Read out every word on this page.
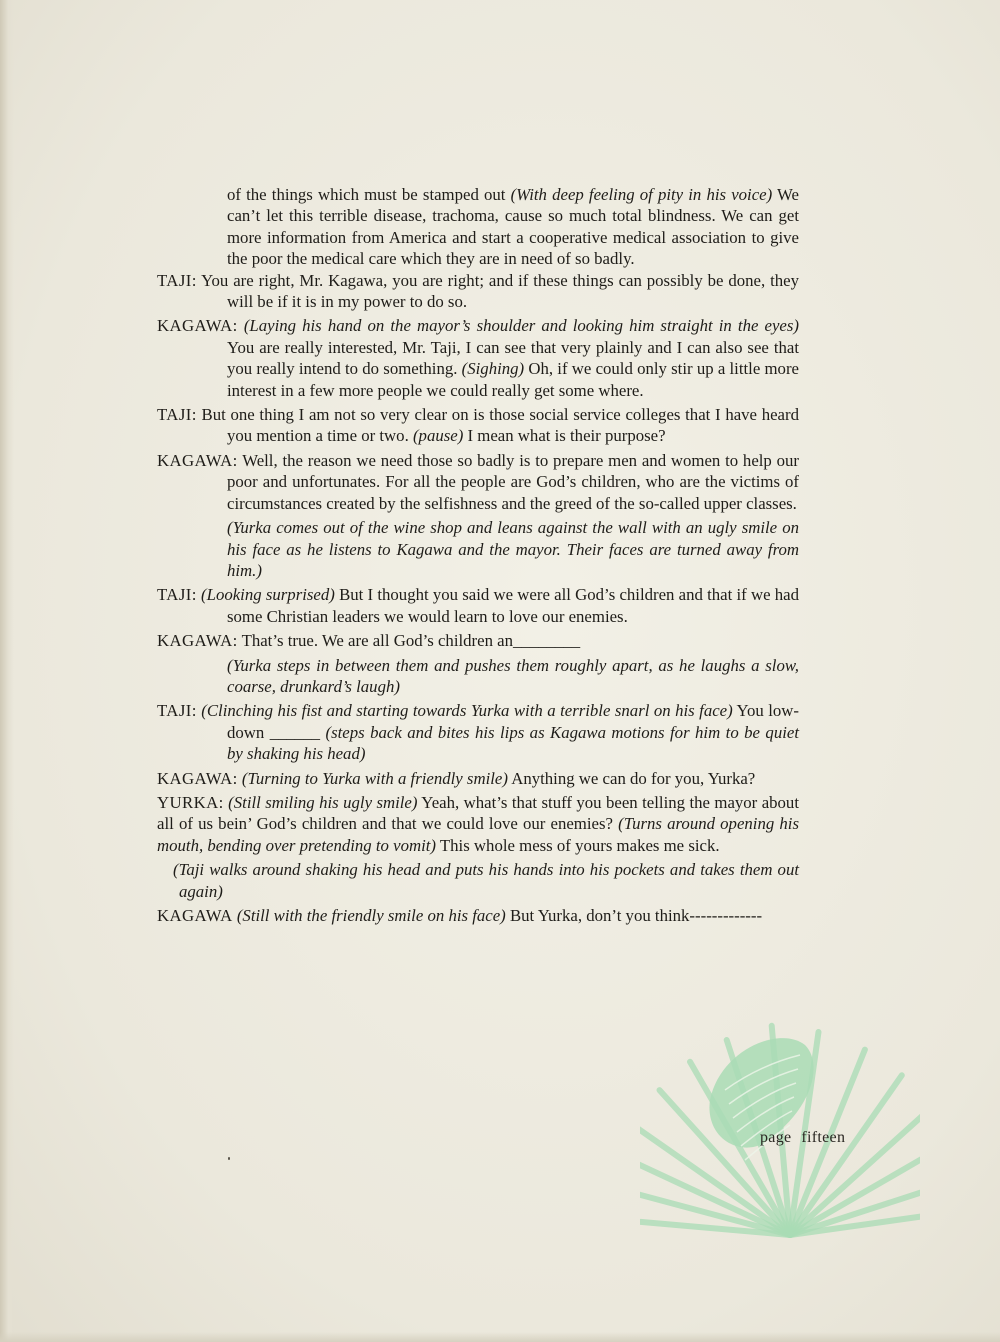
of the things which must be stamped out (With deep feeling of pity in his voice) We can’t let this terrible disease, trachoma, cause so much total blindness. We can get more information from America and start a cooperative medical association to give the poor the medical care which they are in need of so badly.

TAJI: You are right, Mr. Kagawa, you are right; and if these things can possibly be done, they will be if it is in my power to do so.

KAGAWA: (Laying his hand on the mayor’s shoulder and looking him straight in the eyes) You are really interested, Mr. Taji, I can see that very plainly and I can also see that you really intend to do something. (Sighing) Oh, if we could only stir up a little more interest in a few more people we could really get some where.

TAJI: But one thing I am not so very clear on is those social service colleges that I have heard you mention a time or two. (pause) I mean what is their purpose?

KAGAWA: Well, the reason we need those so badly is to prepare men and women to help our poor and unfortunates. For all the people are God’s children, who are the victims of circumstances created by the selfishness and the greed of the so-called upper classes.

(Yurka comes out of the wine shop and leans against the wall with an ugly smile on his face as he listens to Kagawa and the mayor. Their faces are turned away from him.)

TAJI: (Looking surprised) But I thought you said we were all God’s children and that if we had some Christian leaders we would learn to love our enemies.

KAGAWA: That’s true. We are all God’s children an________

(Yurka steps in between them and pushes them roughly apart, as he laughs a slow, coarse, drunkard’s laugh)

TAJI: (Clinching his fist and starting towards Yurka with a terrible snarl on his face) You low-down ______ (steps back and bites his lips as Kagawa motions for him to be quiet by shaking his head)

KAGAWA: (Turning to Yurka with a friendly smile) Anything we can do for you, Yurka?

YURKA: (Still smiling his ugly smile) Yeah, what’s that stuff you been telling the mayor about all of us bein’ God’s children and that we could love our enemies? (Turns around opening his mouth, bending over pretending to vomit) This whole mess of yours makes me sick.

(Taji walks around shaking his head and puts his hands into his pockets and takes them out again)

KAGAWA (Still with the friendly smile on his face) But Yurka, don’t you think-------------

page fifteen
